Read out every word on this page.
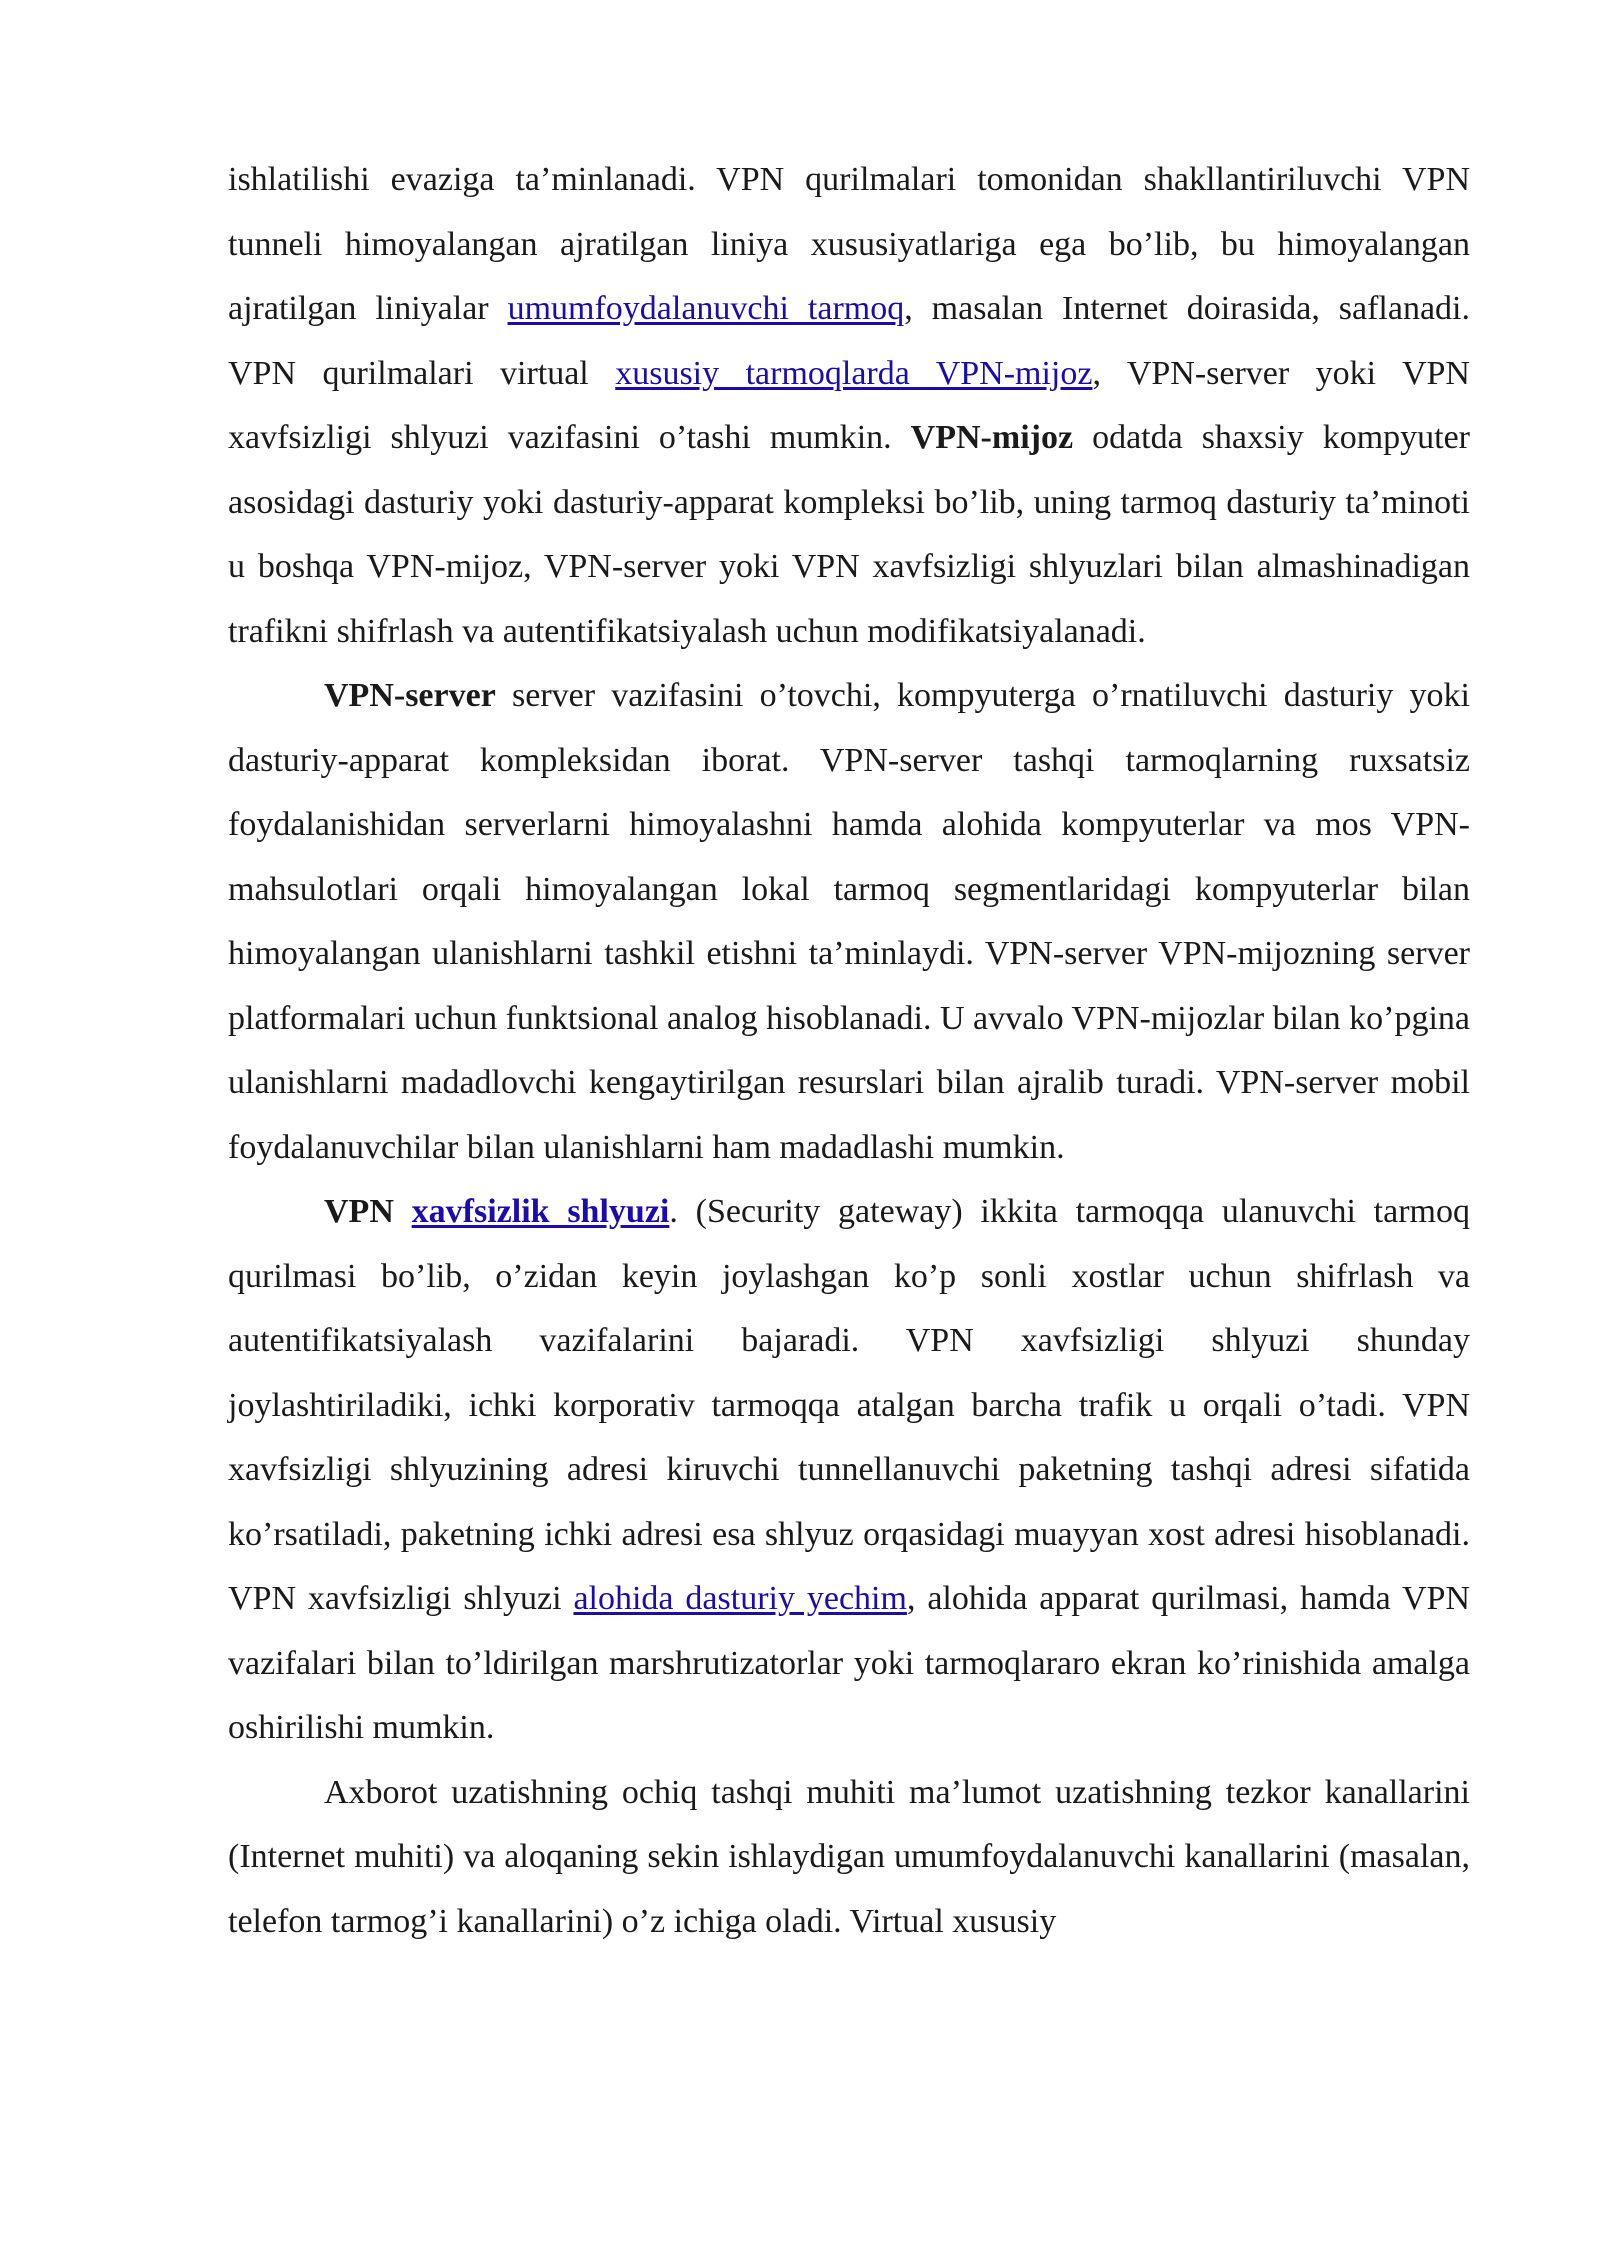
ishlatilishi evaziga ta’minlanadi. VPN qurilmalari tomonidan shakllantiriluvchi VPN tunneli himoyalangan ajratilgan liniya xususiyatlariga ega bo’lib, bu himoyalangan ajratilgan liniyalar umumfoydalanuvchi tarmoq, masalan Internet doirasida, saflanadi. VPN qurilmalari virtual xususiy tarmoqlarda VPN-mijoz, VPN-server yoki VPN xavfsizligi shlyuzi vazifasini o’tashi mumkin. VPN-mijoz odatda shaxsiy kompyuter asosidagi dasturiy yoki dasturiy-apparat kompleksi bo’lib, uning tarmoq dasturiy ta’minoti u boshqa VPN-mijoz, VPN-server yoki VPN xavfsizligi shlyuzlari bilan almashinadigan trafikni shifrlash va autentifikatsiyalash uchun modifikatsiyalanadi.

VPN-server server vazifasini o’tovchi, kompyuterga o’rnatiluvchi dasturiy yoki dasturiy-apparat kompleksidan iborat. VPN-server tashqi tarmoqlarning ruxsatsiz foydalanishidan serverlarni himoyalashni hamda alohida kompyuterlar va mos VPN-mahsulotlari orqali himoyalangan lokal tarmoq segmentlaridagi kompyuterlar bilan himoyalangan ulanishlarni tashkil etishni ta’minlaydi. VPN-server VPN-mijozning server platformalari uchun funktsional analog hisoblanadi. U avvalo VPN-mijozlar bilan ko’pgina ulanishlarni madadlovchi kengaytirilgan resurslari bilan ajralib turadi. VPN-server mobil foydalanuvchilar bilan ulanishlarni ham madadlashi mumkin.

VPN xavfsizlik shlyuzi. (Security gateway) ikkita tarmoqqa ulanuvchi tarmoq qurilmasi bo’lib, o’zidan keyin joylashgan ko’p sonli xostlar uchun shifrlash va autentifikatsiyalash vazifalarini bajaradi. VPN xavfsizligi shlyuzi shunday joylashtiriladiki, ichki korporativ tarmoqqa atalgan barcha trafik u orqali o’tadi. VPN xavfsizligi shlyuzining adresi kiruvchi tunnellanuvchi paketning tashqi adresi sifatida ko’rsatiladi, paketning ichki adresi esa shlyuz orqasidagi muayyan xost adresi hisoblanadi. VPN xavfsizligi shlyuzi alohida dasturiy yechim, alohida apparat qurilmasi, hamda VPN vazifalari bilan to’ldirilgan marshrutizatorlar yoki tarmoqlararo ekran ko’rinishida amalga oshirilishi mumkin.

Axborot uzatishning ochiq tashqi muhiti ma’lumot uzatishning tezkor kanallarini (Internet muhiti) va aloqaning sekin ishlaydigan umumfoydalanuvchi kanallarini (masalan, telefon tarmog’i kanallarini) o’z ichiga oladi. Virtual xususiy
